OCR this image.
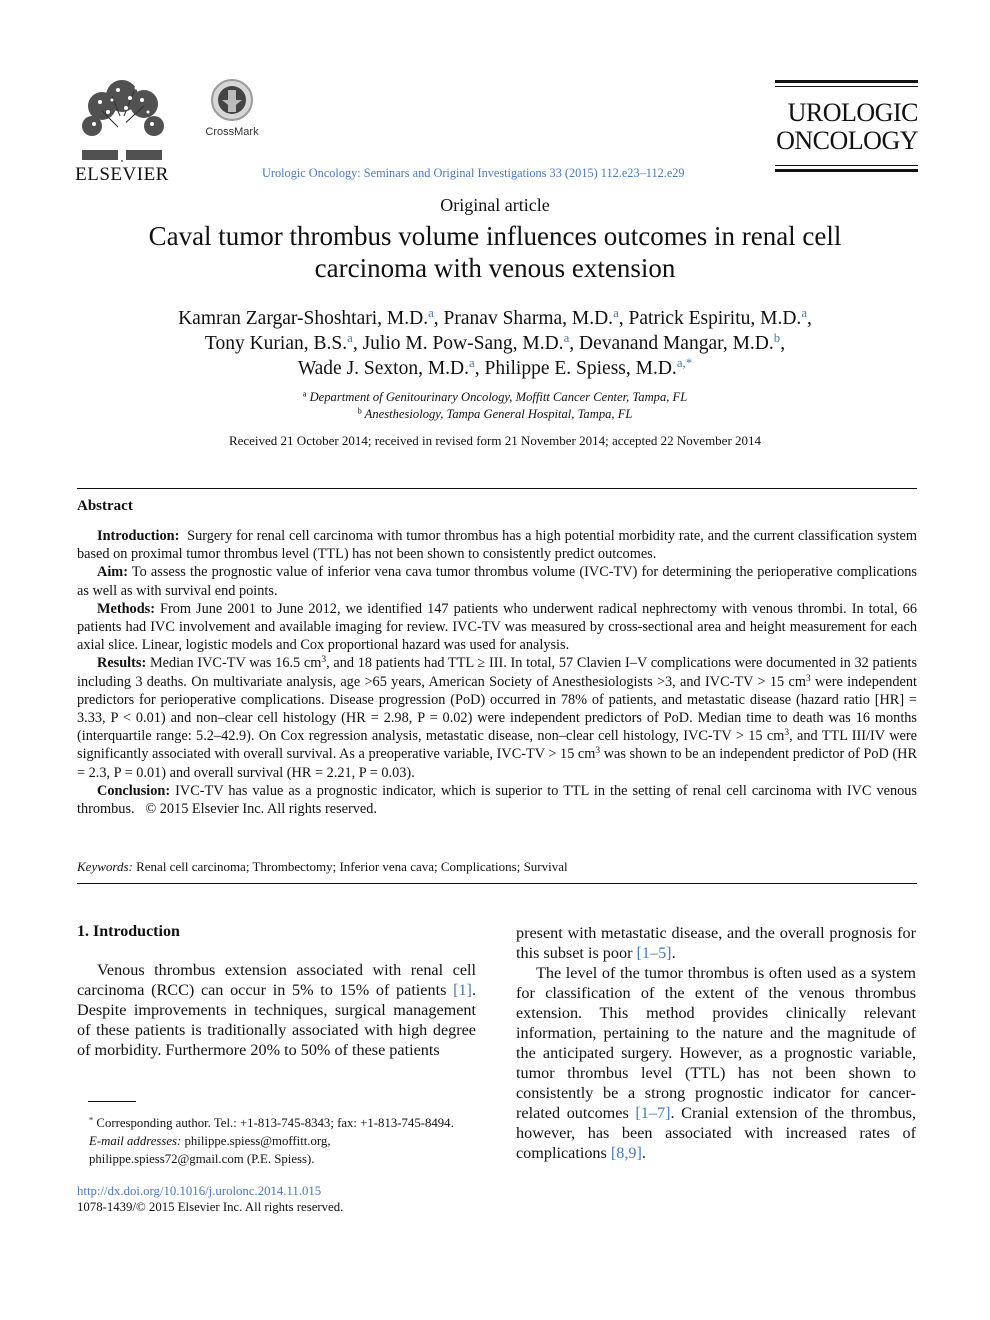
ELSEVIER
CrossMark
Urologic Oncology: Seminars and Original Investigations 33 (2015) 112.e23–112.e29
UROLOGIC
ONCOLOGY
Original article
Caval tumor thrombus volume influences outcomes in renal cell
carcinoma with venous extension
Kamran Zargar-Shoshtari, M.D.$^a$, Pranav Sharma, M.D.$^a$, Patrick Espiritu, M.D.$^a$,
Tony Kurian, B.S.$^a$, Julio M. Pow-Sang, M.D.$^a$, Devanand Mangar, M.D.$^b$,
Wade J. Sexton, M.D.$^a$, Philippe E. Spiess, M.D.$^{a,*}$
$^a$ Department of Genitourinary Oncology, Moffitt Cancer Center, Tampa, FL
$^b$ Anesthesiology, Tampa General Hospital, Tampa, FL
Received 21 October 2014; received in revised form 21 November 2014; accepted 22 November 2014
Abstract
Introduction: Surgery for renal cell carcinoma with tumor thrombus has a high potential morbidity rate, and the current classification system based on proximal tumor thrombus level (TTL) has not been shown to consistently predict outcomes.
Aim: To assess the prognostic value of inferior vena cava tumor thrombus volume (IVC-TV) for determining the perioperative complications as well as with survival end points.
Methods: From June 2001 to June 2012, we identified 147 patients who underwent radical nephrectomy with venous thrombi. In total, 66 patients had IVC involvement and available imaging for review. IVC-TV was measured by cross-sectional area and height measurement for each axial slice. Linear, logistic models and Cox proportional hazard was used for analysis.
Results: Median IVC-TV was 16.5 $cm^3$, and 18 patients had TTL ≥ III. In total, 57 Clavien I–V complications were documented in 32 patients including 3 deaths. On multivariate analysis, age >65 years, American Society of Anesthesiologists >3, and IVC-TV > 15 $cm^3$ were independent predictors for perioperative complications. Disease progression (PoD) occurred in 78% of patients, and metastatic disease (hazard ratio [HR] = 3.33, P < 0.01) and non–clear cell histology (HR = 2.98, P = 0.02) were independent predictors of PoD. Median time to death was 16 months (interquartile range: 5.2–42.9). On Cox regression analysis, metastatic disease, non–clear cell histology, IVC-TV > 15 $cm^3$, and TTL III/IV were significantly associated with overall survival. As a preoperative variable, IVC-TV > 15 $cm^3$ was shown to be an independent predictor of PoD (HR = 2.3, P = 0.01) and overall survival (HR = 2.21, P = 0.03).
Conclusion: IVC-TV has value as a prognostic indicator, which is superior to TTL in the setting of renal cell carcinoma with IVC venous thrombus. © 2015 Elsevier Inc. All rights reserved.
Keywords: Renal cell carcinoma; Thrombectomy; Inferior vena cava; Complications; Survival
1. Introduction
Venous thrombus extension associated with renal cell carcinoma (RCC) can occur in 5% to 15% of patients [1]. Despite improvements in techniques, surgical management of these patients is traditionally associated with high degree of morbidity. Furthermore 20% to 50% of these patients
present with metastatic disease, and the overall prognosis for this subset is poor [1–5].
The level of the tumor thrombus is often used as a system for classification of the extent of the venous thrombus extension. This method provides clinically relevant information, pertaining to the nature and the magnitude of the anticipated surgery. However, as a prognostic variable, tumor thrombus level (TTL) has not been shown to consistently be a strong prognostic indicator for cancer-related outcomes [1–7]. Cranial extension of the thrombus, however, has been associated with increased rates of complications [8,9].
* Corresponding author. Tel.: +1-813-745-8343; fax: +1-813-745-8494.
E-mail addresses: philippe.spiess@moffitt.org, philippe.spiess72@gmail.com (P.E. Spiess).
http://dx.doi.org/10.1016/j.urolonc.2014.11.015
1078-1439/© 2015 Elsevier Inc. All rights reserved.
